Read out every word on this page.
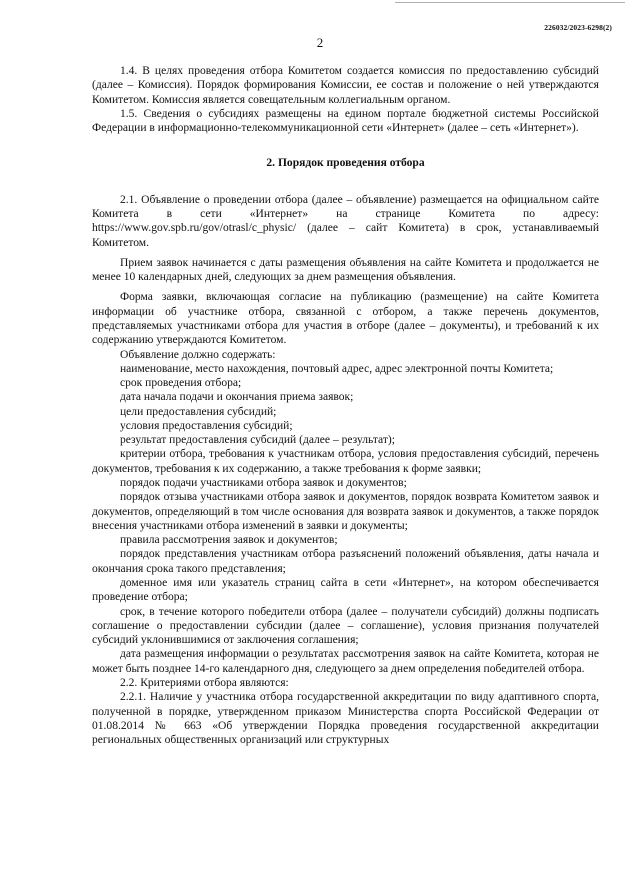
226032/2023-6298(2)
2

1.4. В целях проведения отбора Комитетом создается комиссия по предоставлению субсидий (далее – Комиссия). Порядок формирования Комиссии, ее состав и положение о ней утверждаются Комитетом. Комиссия является совещательным коллегиальным органом.

1.5. Сведения о субсидиях размещены на едином портале бюджетной системы Российской Федерации в информационно-телекоммуникационной сети «Интернет» (далее – сеть «Интернет»).

2. Порядок проведения отбора

2.1. Объявление о проведении отбора (далее – объявление) размещается на официальном сайте Комитета в сети «Интернет» на странице Комитета по адресу: https://www.gov.spb.ru/gov/otrasl/c_physic/ (далее – сайт Комитета) в срок, устанавливаемый Комитетом.

Прием заявок начинается с даты размещения объявления на сайте Комитета и продолжается не менее 10 календарных дней, следующих за днем размещения объявления.

Форма заявки, включающая согласие на публикацию (размещение) на сайте Комитета информации об участнике отбора, связанной с отбором, а также перечень документов, представляемых участниками отбора для участия в отборе (далее – документы), и требований к их содержанию утверждаются Комитетом.

Объявление должно содержать:

наименование, место нахождения, почтовый адрес, адрес электронной почты Комитета;

срок проведения отбора;

дата начала подачи и окончания приема заявок;

цели предоставления субсидий;

условия предоставления субсидий;

результат предоставления субсидий (далее – результат);

критерии отбора, требования к участникам отбора, условия предоставления субсидий, перечень документов, требования к их содержанию, а также требования к форме заявки;

порядок подачи участниками отбора заявок и документов;

порядок отзыва участниками отбора заявок и документов, порядок возврата Комитетом заявок и документов, определяющий в том числе основания для возврата заявок и документов, а также порядок внесения участниками отбора изменений в заявки и документы;

правила рассмотрения заявок и документов;

порядок представления участникам отбора разъяснений положений объявления, даты начала и окончания срока такого представления;

доменное имя или указатель страниц сайта в сети «Интернет», на котором обеспечивается проведение отбора;

срок, в течение которого победители отбора (далее – получатели субсидий) должны подписать соглашение о предоставлении субсидии (далее – соглашение), условия признания получателей субсидий уклонившимися от заключения соглашения;

дата размещения информации о результатах рассмотрения заявок на сайте Комитета, которая не может быть позднее 14-го календарного дня, следующего за днем определения победителей отбора.

2.2. Критериями отбора являются:

2.2.1. Наличие у участника отбора государственной аккредитации по виду адаптивного спорта, полученной в порядке, утвержденном приказом Министерства спорта Российской Федерации от 01.08.2014 № 663 «Об утверждении Порядка проведения государственной аккредитации региональных общественных организаций или структурных
